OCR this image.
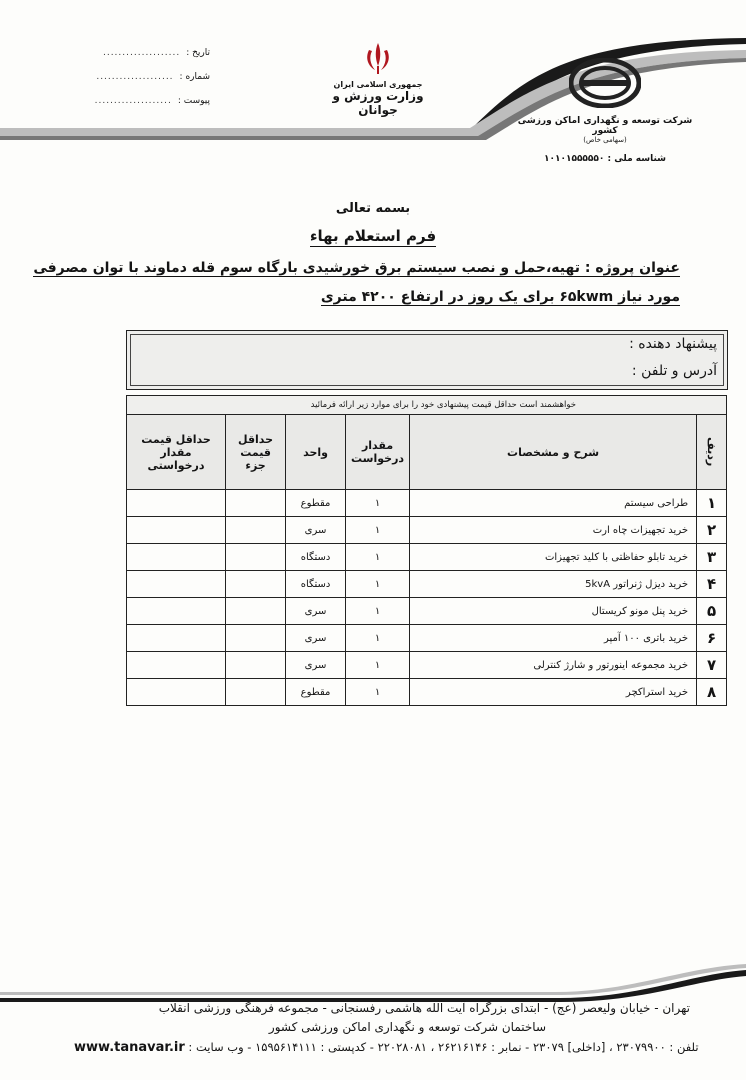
تاریخ :
....................
شماره :
....................
پیوست :
....................
جمهوری اسلامی ایران
وزارت ورزش و جوانان
شرکت توسعه و نگهداری اماکن ورزشی کشور
(سهامی خاص)
شناسه ملی : ۱۰۱۰۱۵۵۵۵۵۰
بسمه تعالی
فرم استعلام بهاء
عنوان پروژه : تهیه،حمل و نصب سیستم برق خورشیدی بارگاه سوم قله دماوند با توان مصرفی
مورد نیاز ۶۵kwm برای یک روز در ارتفاع ۴۲۰۰ متری
پیشنهاد دهنده :
آدرس و تلفن :
خواهشمند است حداقل قیمت پیشنهادی خود را برای موارد زیر ارائه فرمائید					
ردیف	شرح و مشخصات	مقدار درخواست	واحد	حداقل قیمت جزء	حداقل قیمت مقدار درخواستی
۱	طراحی سیستم	۱	مقطوع		
۲	خرید تجهیزات چاه ارت	۱	سری		
۳	خرید تابلو حفاظتی با کلید تجهیزات	۱	دستگاه		
۴	خرید دیزل ژنراتور 5kvA	۱	دستگاه		
۵	خرید پنل مونو کریستال	۱	سری		
۶	خرید باتری ۱۰۰ آمپر	۱	سری		
۷	خرید مجموعه اینورتور و شارژ کنترلی	۱	سری		
۸	خرید استراکچر	۱	مقطوع		
تهران - خیابان ولیعصر (عج) - ابتدای بزرگراه آیت الله هاشمی رفسنجانی - مجموعه فرهنگی ورزشی انقلاب
ساختمان شرکت توسعه و نگهداری اماکن ورزشی کشور
www.tanavar.ir تلفن : ۲۳۰۷۹۹۰۰ ، [داخلی] ۲۳۰۷۹ - نمابر : ۲۶۲۱۶۱۴۶ ، ۲۲۰۲۸۰۸۱ - کدپستی : ۱۵۹۵۶۱۴۱۱۱ - وب سایت :
